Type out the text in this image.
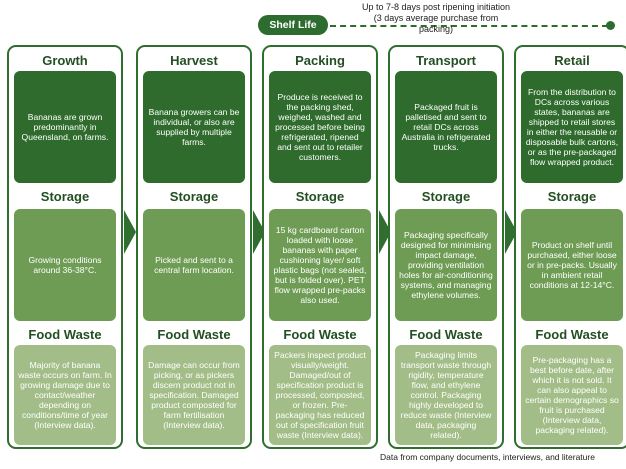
Shelf Life
Up to 7-8 days post ripening initiation
(3 days average purchase from packing)
Growth
Bananas are grown predominantly in Queensland, on farms.
Storage
Growing conditions around 36-38°C.
Food Waste
Majority of banana waste occurs on farm. In growing damage due to contact/weather depending on conditions/time of year (Interview data).
Harvest
Banana growers can be individual, or also are supplied by multiple farms.
Storage
Picked and sent to a central farm location.
Food Waste
Damage can occur from picking, or as pickers discern product not in specification. Damaged product composted for farm fertilisation (Interview data).
Packing
Produce is received to the packing shed, weighed, washed and processed before being refrigerated, ripened and sent out to retailer customers.
Storage
15 kg cardboard carton loaded with loose bananas with paper cushioning layer/ soft plastic bags (not sealed, but is folded over). PET flow wrapped pre-packs also used.
Food Waste
Packers inspect product visually/weight. Damaged/out of specification product is processed, composted, or frozen. Pre-packaging has reduced out of specification fruit waste (Interview data).
Transport
Packaged fruit is palletised and sent to retail DCs across Australia in refrigerated trucks.
Storage
Packaging specifically designed for minimising impact damage, providing ventilation holes for air-conditioning systems, and managing ethylene volumes.
Food Waste
Packaging limits transport waste through rigidity, temperature flow, and ethylene control. Packaging highly developed to reduce waste (Interview data, packaging related).
Retail
From the distribution to DCs across various states, bananas are shipped to retail stores in either the reusable or disposable bulk cartons, or as the pre-packaged flow wrapped product.
Storage
Product on shelf until purchased, either loose or in pre-packs. Usually in ambient retail conditions at 12-14°C.
Food Waste
Pre-packaging has a best before date, after which it is not sold. It can also appeal to certain demographics so fruit is purchased (Interview data, packaging related).
Data from company documents, interviews, and literature
